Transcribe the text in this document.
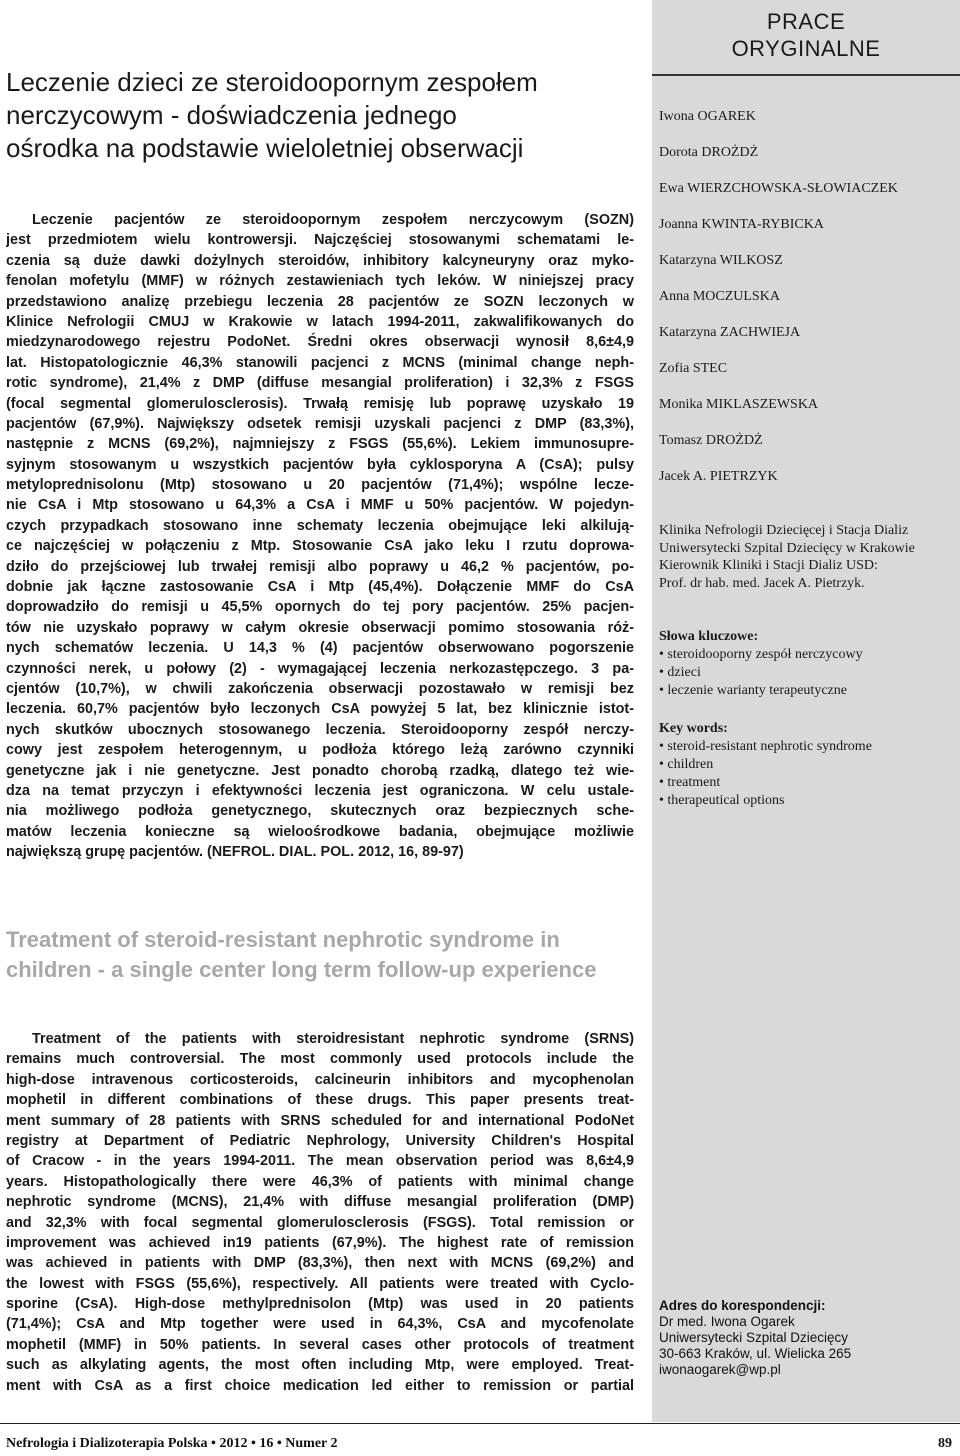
PRACE
ORYGINALNE
Iwona OGAREK
Dorota DROŻDŻ
Ewa WIERZCHOWSKA-SŁOWIACZEK
Joanna KWINTA-RYBICKA
Katarzyna WILKOSZ
Anna MOCZULSKA
Katarzyna ZACHWIEJA
Zofia STEC
Monika MIKLASZEWSKA
Tomasz DROŻDŻ
Jacek A. PIETRZYK
Klinika Nefrologii Dziecięcej i Stacja Dializ
Uniwersytecki Szpital Dziecięcy w Krakowie
Kierownik Kliniki i Stacji Dializ USD:
Prof. dr hab. med. Jacek A. Pietrzyk.
Słowa kluczowe:
• steroidooporny zespół nerczycowy
• dzieci
• leczenie warianty terapeutyczne
Key words:
• steroid-resistant nephrotic syndrome
• children
• treatment
• therapeutical options
Adres do korespondencji:
Dr med. Iwona Ogarek
Uniwersytecki Szpital Dziecięcy
30-663 Kraków, ul. Wielicka 265
iwonaogarek@wp.pl
Leczenie dzieci ze steroidoopornym zespołem
nerczycowym - doświadczenia jednego
ośrodka na podstawie wieloletniej obserwacji
Leczenie pacjentów ze steroidoopornym zespołem nerczycowym (SOZN)
jest przedmiotem wielu kontrowersji. Najczęściej stosowanymi schematami le-
czenia są duże dawki dożylnych steroidów, inhibitory kalcyneuryny oraz myko-
fenolan mofetylu (MMF) w różnych zestawieniach tych leków. W niniejszej pracy
przedstawiono analizę przebiegu leczenia 28 pacjentów ze SOZN leczonych w
Klinice Nefrologii CMUJ w Krakowie w latach 1994-2011, zakwalifikowanych do
miedzynarodowego rejestru PodoNet. Średni okres obserwacji wynosił 8,6±4,9
lat. Histopatologicznie 46,3% stanowili pacjenci z MCNS (minimal change neph-
rotic syndrome), 21,4% z DMP (diffuse mesangial proliferation) i 32,3% z FSGS
(focal segmental glomerulosclerosis). Trwałą remisję lub poprawę uzyskało 19
pacjentów (67,9%). Największy odsetek remisji uzyskali pacjenci z DMP (83,3%),
następnie z MCNS (69,2%), najmniejszy z FSGS (55,6%). Lekiem immunosupre-
syjnym stosowanym u wszystkich pacjentów była cyklosporyna A (CsA); pulsy
metyloprednisolonu (Mtp) stosowano u 20 pacjentów (71,4%); wspólne lecze-
nie CsA i Mtp stosowano u 64,3% a CsA i MMF u 50% pacjentów. W pojedyn-
czych przypadkach stosowano inne schematy leczenia obejmujące leki alkilują-
ce najczęściej w połączeniu z Mtp. Stosowanie CsA jako leku I rzutu doprowa-
dziło do przejściowej lub trwałej remisji albo poprawy u 46,2 % pacjentów, po-
dobnie jak łączne zastosowanie CsA i Mtp (45,4%). Dołączenie MMF do CsA
doprowadziło do remisji u 45,5% opornych do tej pory pacjentów. 25% pacjen-
tów nie uzyskało poprawy w całym okresie obserwacji pomimo stosowania róż-
nych schematów leczenia. U 14,3 % (4) pacjentów obserwowano pogorszenie
czynności nerek, u połowy (2) - wymagającej leczenia nerkozastępczego. 3 pa-
cjentów (10,7%), w chwili zakończenia obserwacji pozostawało w remisji bez
leczenia. 60,7% pacjentów było leczonych CsA powyżej 5 lat, bez klinicznie istot-
nych skutków ubocznych stosowanego leczenia. Steroidooporny zespół nerczy-
cowy jest zespołem heterogennym, u podłoża którego leżą zarówno czynniki
genetyczne jak i nie genetyczne. Jest ponadto chorobą rzadką, dlatego też wie-
dza na temat przyczyn i efektywności leczenia jest ograniczona. W celu ustale-
nia możliwego podłoża genetycznego, skutecznych oraz bezpiecznych sche-
matów leczenia konieczne są wieloośrodkowe badania, obejmujące możliwie
największą grupę pacjentów. (NEFROL. DIAL. POL. 2012, 16, 89-97)
Treatment of steroid-resistant nephrotic syndrome in
children - a single center long term follow-up experience
Treatment of the patients with steroidresistant nephrotic syndrome (SRNS)
remains much controversial. The most commonly used protocols include the
high-dose intravenous corticosteroids, calcineurin inhibitors and mycophenolan
mophetil in different combinations of these drugs. This paper presents treat-
ment summary of 28 patients with SRNS scheduled for and international PodoNet
registry at Department of Pediatric Nephrology, University Children's Hospital
of Cracow - in the years 1994-2011. The mean observation period was 8,6±4,9
years. Histopathologically there were 46,3% of patients with minimal change
nephrotic syndrome (MCNS), 21,4% with diffuse mesangial proliferation (DMP)
and 32,3% with focal segmental glomerulosclerosis (FSGS). Total remission or
improvement was achieved in19 patients (67,9%). The highest rate of remission
was achieved in patients with DMP (83,3%), then next with MCNS (69,2%) and
the lowest with FSGS (55,6%), respectively. All patients were treated with Cyclo-
sporine (CsA). High-dose methylprednisolon (Mtp) was used in 20 patients
(71,4%); CsA and Mtp together were used in 64,3%, CsA and mycofenolate
mophetil (MMF) in 50% patients. In several cases other protocols of treatment
such as alkylating agents, the most often including Mtp, were employed. Treat-
ment with CsA as a first choice medication led either to remission or partial
Nefrologia i Dializoterapia Polska • 2012 • 16 • Numer 2	89
